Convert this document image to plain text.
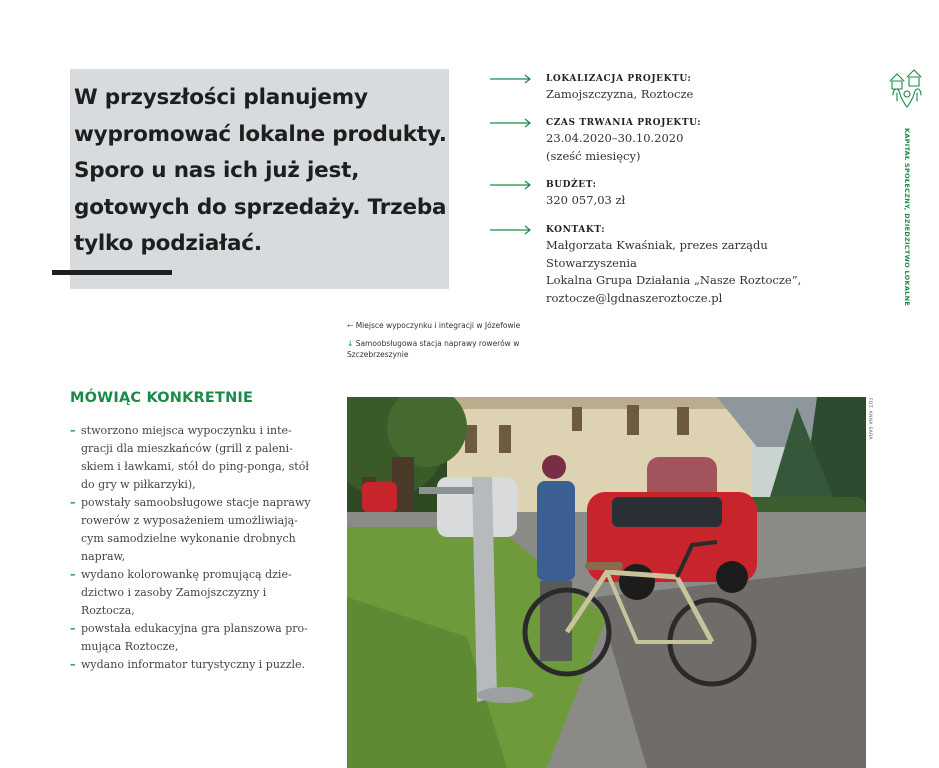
W przyszłości planujemy
wypromować lokalne produkty.
Sporo u nas ich już jest,
gotowych do sprzedaży. Trzeba
tylko podziałać.
LOKALIZACJA PROJEKTU:
Zamojszczyzna, Roztocze
CZAS TRWANIA PROJEKTU:
23.04.2020–30.10.2020
(sześć miesięcy)
BUDŻET:
320 057,03 zł
KONTAKT:
Małgorzata Kwaśniak, prezes zarządu Stowarzyszenia
Lokalna Grupa Działania „Nasze Roztocze”,
roztocze@lgdnaszeroztocze.pl	KAPITAŁ SPOŁECZNY, DZIEDZICTWO LOKALNE
← Miejsce wypoczynku i integracji w Józefowie
↓ Samoobsługowa stacja naprawy rowerów w Szczebrzeszynie
MÓWIĄC KONKRETNIE
– stworzono miejsca wypoczynku i inte-gracji dla mieszkańców (grill z paleni-skiem i ławkami, stół do ping-ponga, stół do gry w piłkarzyki),
– powstały samoobsługowe stacje naprawy rowerów z wyposażeniem umożliwiają-cym samodzielne wykonanie drobnych napraw,
– wydano kolorowankę promującą dzie-dzictwo i zasoby Zamojszczyzny i Roztocza,
– powstała edukacyjna gra planszowa pro-mująca Roztocze,
– wydano informator turystyczny i puzzle.
FOT. ANNA SARA
